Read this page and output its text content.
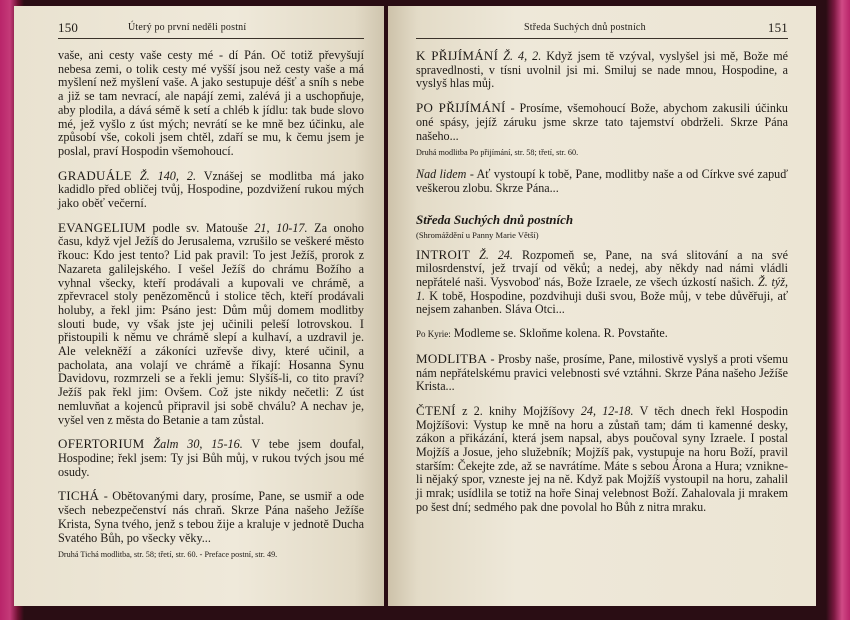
150	Úterý po první neděli postní

vaše, ani cesty vaše cesty mé - dí Pán. Oč totiž převyšují nebesa zemi, o tolik cesty mé vyšší jsou než cesty vaše a má myšlení než myšlení vaše. A jako sestupuje déšť a sníh s nebe a již se tam nevrací, ale napájí zemi, zalévá ji a uschopňuje, aby plodila, a dává sémě k setí a chléb k jídlu: tak bude slovo mé, jež vyšlo z úst mých; nevrátí se ke mně bez účinku, ale způsobí vše, cokoli jsem chtěl, zdaří se mu, k čemu jsem je poslal, praví Hospodin všemohoucí.

GRADUÁLE Ž. 140, 2. Vznášej se modlitba má jako kadidlo před obličej tvůj, Hospodine, pozdvižení rukou mých jako oběť večerní.

EVANGELIUM podle sv. Matouše 21, 10-17. Za onoho času, když vjel Ježíš do Jerusalema, vzrušilo se veškeré město řkouc: Kdo jest tento? Lid pak pravil: To jest Ježíš, prorok z Nazareta galilejského. I vešel Ježíš do chrámu Božího a vyhnal všecky, kteří prodávali a kupovali ve chrámě, a zpřevracel stoly penězoměnců i stolice těch, kteří prodávali holuby, a řekl jim: Psáno jest: Dům můj domem modlitby slouti bude, vy však jste jej učinili peleší lotrovskou. I přistoupili k němu ve chrámě slepí a kulhaví, a uzdravil je. Ale velekněží a zákoníci uzřevše divy, které učinil, a pacholata, ana volají ve chrámě a říkají: Hosanna Synu Davidovu, rozmrzeli se a řekli jemu: Slyšíš-li, co tito praví? Ježíš pak řekl jim: Ovšem. Což jste nikdy nečetli: Z úst nemluvňat a kojenců připravil jsi sobě chválu? A nechav je, vyšel ven z města do Betanie a tam zůstal.

OFERTORIUM Žalm 30, 15-16. V tebe jsem doufal, Hospodine; řekl jsem: Ty jsi Bůh můj, v rukou tvých jsou mé osudy.

TICHÁ - Obětovanými dary, prosíme, Pane, se usmiř a ode všech nebezpečenství nás chraň. Skrze Pána našeho Ježíše Krista, Syna tvého, jenž s tebou žije a kraluje v jednotě Ducha Svatého Bůh, po všecky věky...

Druhá Tichá modlitba, str. 58; třetí, str. 60. - Preface postní, str. 49.
Středa Suchých dnů postních	151

K PŘIJÍMÁNÍ Ž. 4, 2. Když jsem tě vzýval, vyslyšel jsi mě, Bože mé spravedlnosti, v tísni uvolnil jsi mi. Smiluj se nade mnou, Hospodine, a vyslyš hlas můj.

PO PŘIJÍMÁNÍ - Prosíme, všemohoucí Bože, abychom zakusili účinku oné spásy, jejíž záruku jsme skrze tato tajemství obdrželi. Skrze Pána našeho...

Druhá modlitba Po přijímání, str. 58; třetí, str. 60.

Nad lidem - Ať vystoupí k tobě, Pane, modlitby naše a od Církve své zapuď veškerou zlobu. Skrze Pána...

Středa Suchých dnů postních
(Shromáždění u Panny Marie Větší)

INTROIT Ž. 24. Rozpomeň se, Pane, na svá slitování a na své milosrdenství, jež trvají od věků; a nedej, aby někdy nad námi vládli nepřátelé naši. Vysvoboď nás, Bože Izraele, ze všech úzkostí našich. Ž. týž, 1. K tobě, Hospodine, pozdvihuji duši svou, Bože můj, v tebe důvěřuji, ať nejsem zahanben. Sláva Otci...

Po Kyrie: Modleme se. Skloňme kolena. R. Povstaňte.

MODLITBA - Prosby naše, prosíme, Pane, milostivě vyslyš a proti všemu nám nepřátelskému pravici velebnosti své vztáhni. Skrze Pána našeho Ježíše Krista...

ČTENÍ z 2. knihy Mojžíšovy 24, 12-18. V těch dnech řekl Hospodin Mojžíšovi: Vystup ke mně na horu a zůstaň tam; dám ti kamenné desky, zákon a přikázání, která jsem napsal, abys poučoval syny Izraele. I postal Mojžíš a Josue, jeho služebník; Mojžíš pak, vystupuje na horu Boží, pravil starším: Čekejte zde, až se navrátíme. Máte s sebou Árona a Hura; vznikne-li nějaký spor, vzneste jej na ně. Když pak Mojžíš vystoupil na horu, zahalil ji mrak; usídlila se totiž na hoře Sinaj velebnost Boží. Zahalovala ji mrakem po šest dní; sedmého pak dne povolal ho Bůh z nitra mraku.
